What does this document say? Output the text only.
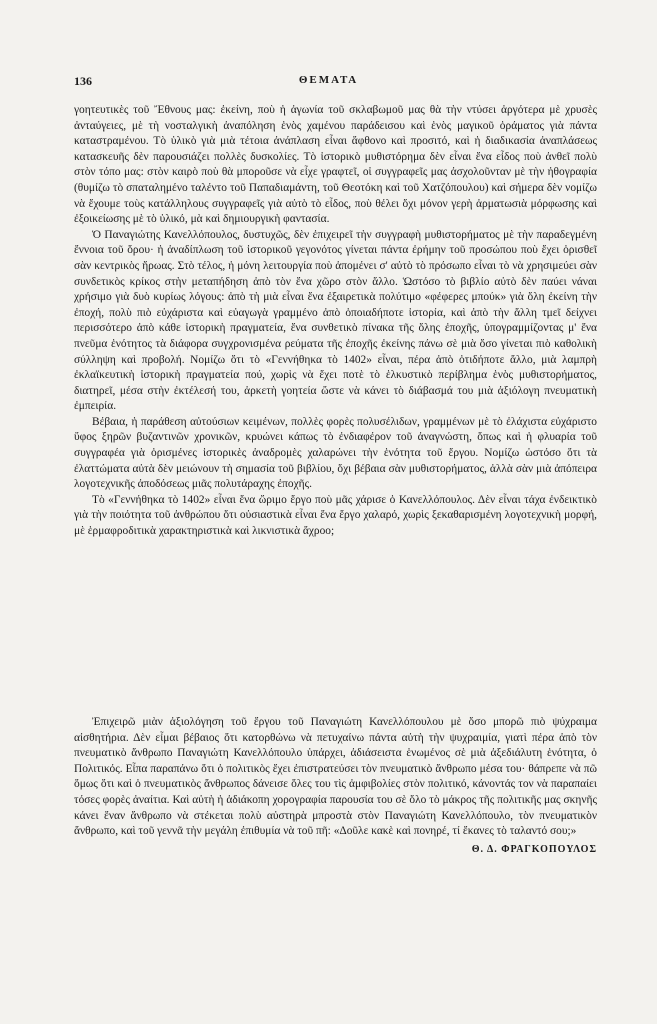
136	ΘΕΜΑΤΑ

γοητευτικὲς τοῦ Ἔθνους μας: ἐκείνη, ποὺ ἡ ἀγωνία τοῦ σκλαβωμοῦ μας θὰ τὴν ντύσει ἀργότερα μὲ χρυσὲς ἀνταύγειες, μὲ τὴ νοσταλγικὴ ἀναπόληση ἑνὸς χαμένου παράδεισου καὶ ἑνὸς μαγικοῦ ὁράματος γιὰ πάντα καταστραμένου. Τὸ ὑλικὸ γιὰ μιὰ τέτοια ἀνάπλαση εἶναι ἄφθονο καὶ προσιτό, καὶ ἡ διαδικασία ἀναπλάσεως κατασκευῆς δὲν παρουσιάζει πολλὲς δυσκολίες. Τὸ ἱστορικὸ μυθιστόρημα δὲν εἶναι ἕνα εἶδος ποὺ ἀνθεῖ πολὺ στὸν τόπο μας: στὸν καιρὸ ποὺ θὰ μποροῦσε νὰ εἶχε γραφτεῖ, οἱ συγγραφεῖς μας ἀσχολοῦνταν μὲ τὴν ἠθογραφία (θυμίζω τὸ σπαταλημένο ταλέντο τοῦ Παπαδιαμάντη, τοῦ Θεοτόκη καὶ τοῦ Χατζόπουλου) καὶ σήμερα δὲν νομίζω νὰ ἔχουμε τοὺς κατάλληλους συγγραφεῖς γιὰ αὐτὸ τὸ εἶδος, ποὺ θέλει ὄχι μόνον γερὴ ἀρματωσιὰ μόρφωσης καὶ ἐξοικείωσης μὲ τὸ ὑλικό, μὰ καὶ δημιουργικὴ φαντασία.

Ὁ Παναγιώτης Κανελλόπουλος, δυστυχῶς, δὲν ἐπιχειρεῖ τὴν συγγραφὴ μυθιστορήματος μὲ τὴν παραδεγμένη ἔννοια τοῦ ὅρου· ἡ ἀναδίπλωση τοῦ ἱστορικοῦ γεγονότος γίνεται πάντα ἐρήμην τοῦ προσώπου ποὺ ἔχει ὁρισθεῖ σὰν κεντρικὸς ἥρωας. Στὸ τέλος, ἡ μόνη λειτουργία ποὺ ἀπομένει σ' αὐτὸ τὸ πρόσωπο εἶναι τὸ νὰ χρησιμεύει σὰν συνδετικὸς κρίκος στὴν μεταπήδηση ἀπὸ τὸν ἕνα χῶρο στὸν ἄλλο. Ὡστόσο τὸ βιβλίο αὐτὸ δὲν παύει νάναι χρήσιμο γιὰ δυὸ κυρίως λόγους: ἀπὸ τὴ μιὰ εἶναι ἕνα ἐξαιρετικὰ πολύτιμο «φέφερες μπούκ» γιὰ ὅλη ἐκείνη τὴν ἐποχή, πολὺ πιὸ εὐχάριστα καὶ εὐαγωγὰ γραμμένο ἀπὸ ὁποιαδήποτε ἱστορία, καὶ ἀπὸ τὴν ἄλλη τμεῖ δείχνει περισσότερο ἀπὸ κάθε ἱστορικὴ πραγματεία, ἕνα συνθετικὸ πίνακα τῆς ὅλης ἐποχῆς, ὑπογραμμίζοντας μ' ἕνα πνεῦμα ἑνότητος τὰ διάφορα συγχρονισμένα ρεύματα τῆς ἐποχῆς ἐκείνης πάνω σὲ μιὰ ὅσο γίνεται πιὸ καθολικὴ σύλληψη καὶ προβολή. Νομίζω ὅτι τὸ «Γεννήθηκα τὸ 1402» εἶναι, πέρα ἀπὸ ὁτιδήποτε ἄλλο, μιὰ λαμπρὴ ἐκλαϊκευτικὴ ἱστορικὴ πραγματεία πού, χωρὶς νὰ ἔχει ποτὲ τὸ ἑλκυστικὸ περίβλημα ἑνὸς μυθιστορήματος, διατηρεῖ, μέσα στὴν ἐκτέλεσή του, ἀρκετὴ γοητεία ὥστε νὰ κάνει τὸ διάβασμά του μιὰ ἀξιόλογη πνευματικὴ ἐμπειρία.

Βέβαια, ἡ παράθεση αὐτούσιων κειμένων, πολλὲς φορὲς πολυσέλιδων, γραμμένων μὲ τὸ ἐλάχιστα εὐχάριστο ὕφος ξηρῶν βυζαντινῶν χρονικῶν, κρυώνει κάπως τὸ ἐνδιαφέρον τοῦ ἀναγνώστη, ὅπως καὶ ἡ φλυαρία τοῦ συγγραφέα γιὰ ὁρισμένες ἱστορικὲς ἀναδρομὲς χαλαρώνει τὴν ἑνότητα τοῦ ἔργου. Νομίζω ὡστόσο ὅτι τὰ ἐλαττώματα αὐτὰ δὲν μειώνουν τὴ σημασία τοῦ βιβλίου, ὄχι βέβαια σὰν μυθιστορήματος, ἀλλὰ σὰν μιὰ ἀπόπειρα λογοτεχνικῆς ἀποδόσεως μιᾶς πολυτάραχης ἐποχῆς.

Τὸ «Γεννήθηκα τὸ 1402» εἶναι ἕνα ὥριμο ἔργο ποὺ μᾶς χάρισε ὁ Κανελλόπουλος. Δὲν εἶναι τάχα ἐνδεικτικὸ γιὰ τὴν ποιότητα τοῦ ἀνθρώπου ὅτι οὐσιαστικὰ εἶναι ἕνα ἔργο χαλαρό, χωρὶς ξεκαθαρισμένη λογοτεχνικὴ μορφή, μὲ ἑρμαφροδιτικὰ χαρακτηριστικὰ καὶ λικνιστικὰ ἄχροο;

Ἐπιχειρῶ μιὰν ἀξιολόγηση τοῦ ἔργου τοῦ Παναγιώτη Κανελλόπουλου μὲ ὅσο μπορῶ πιὸ ψύχραιμα αἰσθητήρια. Δὲν εἶμαι βέβαιος ὅτι κατορθώνω νὰ πετυχαίνω πάντα αὐτὴ τὴν ψυχραιμία, γιατὶ πέρα ἀπὸ τὸν πνευματικὸ ἄνθρωπο Παναγιώτη Κανελλόπουλο ὑπάρχει, ἀδιάσειστα ἑνωμένος σὲ μιὰ ἀξεδιάλυτη ἑνότητα, ὁ Πολιτικός. Εἶπα παραπάνω ὅτι ὁ πολιτικὸς ἔχει ἐπιστρατεύσει τὸν πνευματικὸ ἄνθρωπο μέσα του· θάπρεπε νὰ πῶ ὅμως ὅτι καὶ ὁ πνευματικὸς ἄνθρωπος δάνεισε ὅλες του τὶς ἀμφιβολίες στὸν πολιτικό, κάνοντάς τον νὰ παραπαίει τόσες φορὲς ἀναίτια. Καὶ αὐτὴ ἡ ἀδιάκοπη χορογραφία παρουσία του σὲ ὅλο τὸ μάκρος τῆς πολιτικῆς μας σκηνῆς κάνει ἕναν ἄνθρωπο νὰ στέκεται πολὺ αὐστηρὰ μπροστὰ στὸν Παναγιώτη Κανελλόπουλο, τὸν πνευματικὸν ἄνθρωπο, καὶ τοῦ γεννᾶ τὴν μεγάλη ἐπιθυμία νὰ τοῦ πῆ: «Δοῦλε κακὲ καὶ πονηρέ, τί ἔκανες τὸ ταλαντό σου;»

Θ. Δ. ΦΡΑΓΚΟΠΟΥΛΟΣ
